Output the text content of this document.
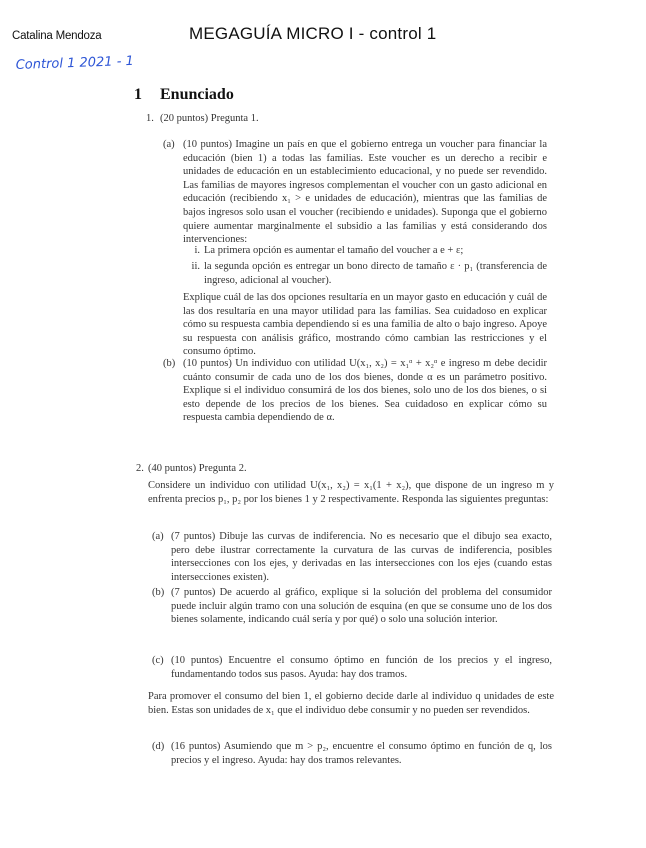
Catalina Mendoza	MEGAGUÍA MICRO I - control 1
Control 1 2021 - 1
1 Enunciado
1. (20 puntos) Pregunta 1.
(a) (10 puntos) Imagine un país en que el gobierno entrega un voucher para financiar la educación (bien 1) a todas las familias. Este voucher es un derecho a recibir e unidades de educación en un establecimiento educacional, y no puede ser revendido. Las familias de mayores ingresos complementan el voucher con un gasto adicional en educación (recibiendo x₁ > e unidades de educación), mientras que las familias de bajos ingresos solo usan el voucher (recibiendo e unidades). Suponga que el gobierno quiere aumentar marginalmente el subsidio a las familias y está considerando dos intervenciones:
i. La primera opción es aumentar el tamaño del voucher a e + ε;
ii. la segunda opción es entregar un bono directo de tamaño ε · p₁ (transferencia de ingreso, adicional al voucher).
Explique cuál de las dos opciones resultaría en un mayor gasto en educación y cuál de las dos resultaría en una mayor utilidad para las familias. Sea cuidadoso en explicar cómo su respuesta cambia dependiendo si es una familia de alto o bajo ingreso. Apoye su respuesta con análisis gráfico, mostrando cómo cambian las restricciones y el consumo óptimo.
(b) (10 puntos) Un individuo con utilidad U(x₁, x₂) = x₁ᵅ + x₂ᵅ e ingreso m debe decidir cuánto consumir de cada uno de los dos bienes, donde α es un parámetro positivo. Explique si el individuo consumirá de los dos bienes, solo uno de los dos bienes, o si esto depende de los precios de los bienes. Sea cuidadoso en explicar cómo su respuesta cambia dependiendo de α.
2. (40 puntos) Pregunta 2.
Considere un individuo con utilidad U(x₁, x₂) = x₁(1 + x₂), que dispone de un ingreso m y enfrenta precios p₁, p₂ por los bienes 1 y 2 respectivamente. Responda las siguientes preguntas:
(a) (7 puntos) Dibuje las curvas de indiferencia. No es necesario que el dibujo sea exacto, pero debe ilustrar correctamente la curvatura de las curvas de indiferencia, posibles intersecciones con los ejes, y derivadas en las intersecciones con los ejes (cuando estas intersecciones existen).
(b) (7 puntos) De acuerdo al gráfico, explique si la solución del problema del consumidor puede incluir algún tramo con una solución de esquina (en que se consume uno de los dos bienes solamente, indicando cuál sería y por qué) o solo una solución interior.
(c) (10 puntos) Encuentre el consumo óptimo en función de los precios y el ingreso, fundamentando todos sus pasos. Ayuda: hay dos tramos.
Para promover el consumo del bien 1, el gobierno decide darle al individuo q unidades de este bien. Estas son unidades de x₁ que el individuo debe consumir y no pueden ser revendidos.
(d) (16 puntos) Asumiendo que m > p₂, encuentre el consumo óptimo en función de q, los precios y el ingreso. Ayuda: hay dos tramos relevantes.
